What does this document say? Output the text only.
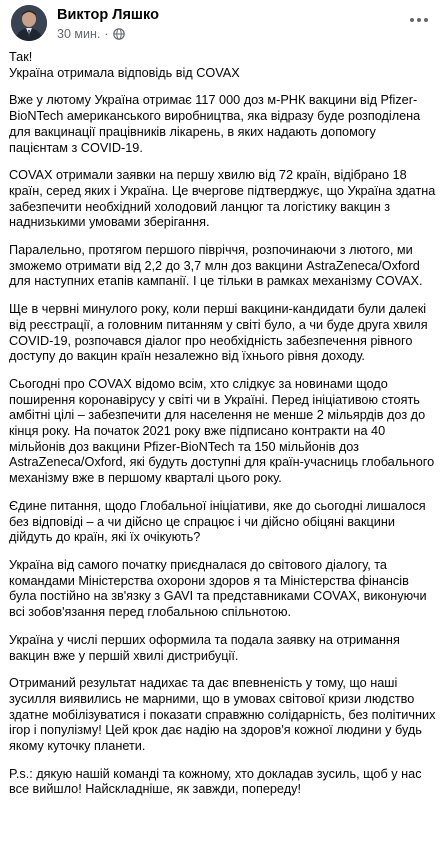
Виктор Ляшко
30 мин. ·

Так!
Україна отримала відповідь від COVAX

Вже у лютому Україна отримає 117 000 доз м-РНК вакцини від Pfizer-BioNTech американського виробництва, яка відразу буде розподілена для вакцинації працівників лікарень, в яких надають допомогу пацієнтам з COVID-19.

COVAX отримали заявки на першу хвилю від 72 країн, відібрано 18 країн, серед яких і Україна. Це вчергове підтверджує, що Україна здатна забезпечити необхідний холодовий ланцюг та логістику вакцин з наднизькими умовами зберігання.

Паралельно, протягом першого півріччя, розпочинаючи з лютого, ми зможемо отримати від 2,2 до 3,7 млн доз вакцини AstraZeneca/Oxford для наступних етапів кампанії. І це тільки в рамках механізму COVAX.

Ще в червні минулого року, коли перші вакцини-кандидати були далекі від реєстрації, а головним питанням у світі було, а чи буде друга хвиля COVID-19, розпочався діалог про необхідність забезпечення рівного доступу до вакцин країн незалежно від їхнього рівня доходу.

Сьогодні про COVAX відомо всім, хто слідкує за новинами щодо поширення коронавірусу у світі чи в Україні. Перед ініціативою стоять амбітні цілі – забезпечити для населення не менше 2 мільярдів доз до кінця року. На початок 2021 року вже підписано контракти на 40 мільйонів доз вакцини Pfizer-BioNTech та 150 мільйонів доз AstraZeneca/Oxford, які будуть доступні для країн-учасниць глобального механізму вже в першому кварталі цього року.

Єдине питання, щодо Глобальної ініціативи, яке до сьогодні лишалося без відповіді – а чи дійсно це спрацює і чи дійсно обіцяні вакцини дійдуть до країн, які їх очікують?

Україна від самого початку приєдналася до світового діалогу, та командами Міністерства охорони здоров я та Міністерства фінансів була постійно на зв'язку з GAVI та представниками COVAX, виконуючи всі зобов'язання перед глобальною спільнотою.

Україна у числі перших оформила та подала заявку на отримання вакцин вже у першій хвилі дистрибуції.

Отриманий результат надихає та дає впевненість у тому, що наші зусилля виявились не марними, що в умовах світової кризи людство здатне мобілізуватися і показати справжню солідарність, без політичних ігор і популізму! Цей крок дає надію на здоров'я кожної людини у будь якому куточку планети.

P.s.: дякую нашій команді та кожному, хто докладав зусиль, щоб у нас все вийшло! Найскладніше, як завжди, попереду!
